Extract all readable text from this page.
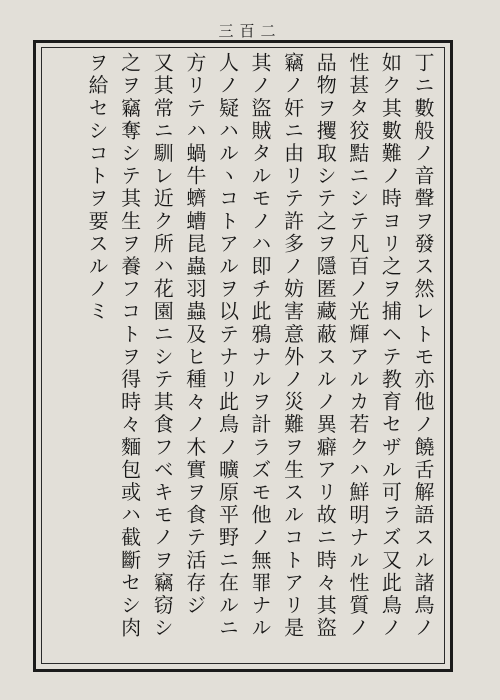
三百二
丁ニ數般ノ音聲ヲ發ス然レトモ亦他ノ饒舌解語スル諸鳥ノ
如ク其數難ノ時ヨリ之ヲ捕ヘテ教育セザル可ラズ又此鳥ノ
性甚タ狡黠ニシテ凡百ノ光輝アルカ若クハ鮮明ナル性質ノ
品物ヲ攫取シテ之ヲ隱匿藏蔽スルノ異癖アリ故ニ時々其盜
竊ノ奸ニ由リテ許多ノ妨害意外ノ災難ヲ生スルコトアリ是
其ノ盜賊タルモノハ即チ此鴉ナルヲ計ラズモ他ノ無罪ナル
人ノ疑ハルヽコトアルヲ以テナリ此鳥ノ曠原平野ニ在ルニ
方リテハ蝸牛蠐螬昆蟲羽蟲及ヒ種々ノ木實ヲ食テ活存ジ
又其常ニ馴レ近ク所ハ花園ニシテ其食フベキモノヲ竊窃シ
之ヲ竊奪シテ其生ヲ養フコトヲ得時々麵包或ハ截斷セシ肉
ヲ給セシコトヲ要スルノミ
